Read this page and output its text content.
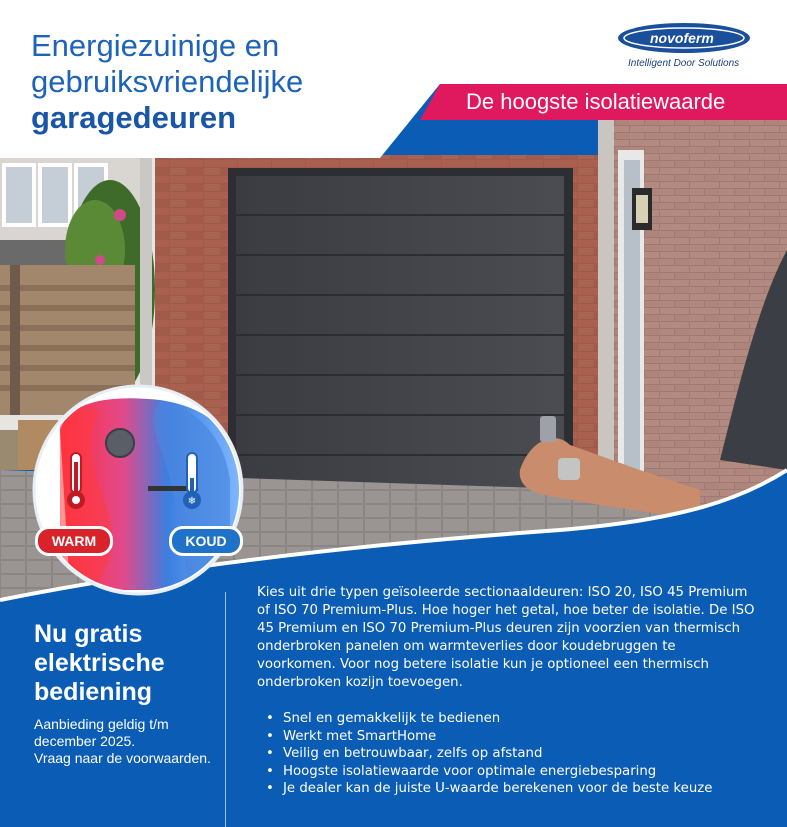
❄
Energiezuinige en
gebruiksvriendelijke
garagedeuren
novoferm
Intelligent Door Solutions
De hoogste isolatiewaarde
WARM	KOUD
Nu gratis elektrische bediening
Aanbieding geldig t/m
december 2025.
Vraag naar de voorwaarden.
Kies uit drie typen geïsoleerde sectionaaldeuren: ISO 20, ISO 45 Premium of ISO 70 Premium-Plus. Hoe hoger het getal, hoe beter de isolatie. De ISO 45 Premium en ISO 70 Premium-Plus deuren zijn voorzien van thermisch onderbroken panelen om warmteverlies door koudebruggen te voorkomen. Voor nog betere isolatie kun je optioneel een thermisch onderbroken kozijn toevoegen.
• Snel en gemakkelijk te bedienen
• Werkt met SmartHome
• Veilig en betrouwbaar, zelfs op afstand
• Hoogste isolatiewaarde voor optimale energiebesparing
• Je dealer kan de juiste U-waarde berekenen voor de beste keuze
